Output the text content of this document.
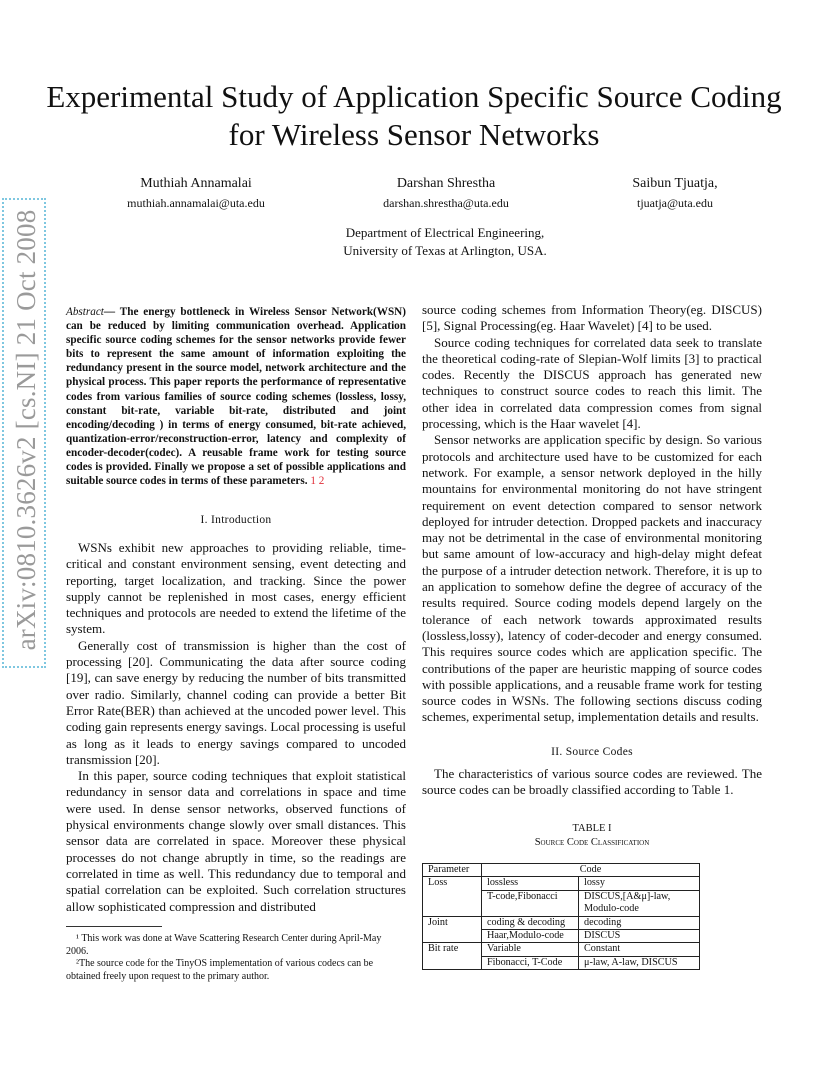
arXiv:0810.3626v2 [cs.NI] 21 Oct 2008
Experimental Study of Application Specific Source Coding for Wireless Sensor Networks
Muthiah Annamalai
muthiah.annamalai@uta.edu
Darshan Shrestha
darshan.shrestha@uta.edu
Saibun Tjuatja,
tjuatja@uta.edu
Department of Electrical Engineering,
University of Texas at Arlington, USA.
Abstract— The energy bottleneck in Wireless Sensor Network(WSN) can be reduced by limiting communication overhead. Application specific source coding schemes for the sensor networks provide fewer bits to represent the same amount of information exploiting the redundancy present in the source model, network architecture and the physical process. This paper reports the performance of representative codes from various families of source coding schemes (lossless, lossy, constant bit-rate, variable bit-rate, distributed and joint encoding/decoding ) in terms of energy consumed, bit-rate achieved, quantization-error/reconstruction-error, latency and complexity of encoder-decoder(codec). A reusable frame work for testing source codes is provided. Finally we propose a set of possible applications and suitable source codes in terms of these parameters. 1 2
I. Introduction

WSNs exhibit new approaches to providing reliable, time-critical and constant environment sensing, event detecting and reporting, target localization, and tracking. Since the power supply cannot be replenished in most cases, energy efficient techniques and protocols are needed to extend the lifetime of the system.

Generally cost of transmission is higher than the cost of processing [20]. Communicating the data after source coding [19], can save energy by reducing the number of bits transmitted over radio. Similarly, channel coding can provide a better Bit Error Rate(BER) than achieved at the uncoded power level. This coding gain represents energy savings. Local processing is useful as long as it leads to energy savings compared to uncoded transmission [20].

In this paper, source coding techniques that exploit statistical redundancy in sensor data and correlations in space and time were used. In dense sensor networks, observed functions of physical environments change slowly over small distances. This sensor data are correlated in space. Moreover these physical processes do not change abruptly in time, so the readings are correlated in time as well. This redundancy due to temporal and spatial correlation can be exploited. Such correlation structures allow sophisticated compression and distributed

¹ This work was done at Wave Scattering Research Center during April-May 2006.

²The source code for the TinyOS implementation of various codecs can be obtained freely upon request to the primary author.

source coding schemes from Information Theory(eg. DISCUS) [5], Signal Processing(eg. Haar Wavelet) [4] to be used.

Source coding techniques for correlated data seek to translate the theoretical coding-rate of Slepian-Wolf limits [3] to practical codes. Recently the DISCUS approach has generated new techniques to construct source codes to reach this limit. The other idea in correlated data compression comes from signal processing, which is the Haar wavelet [4].

Sensor networks are application specific by design. So various protocols and architecture used have to be customized for each network. For example, a sensor network deployed in the hilly mountains for environmental monitoring do not have stringent requirement on event detection compared to sensor network deployed for intruder detection. Dropped packets and inaccuracy may not be detrimental in the case of environmental monitoring but same amount of low-accuracy and high-delay might defeat the purpose of a intruder detection network. Therefore, it is up to an application to somehow define the degree of accuracy of the results required. Source coding models depend largely on the tolerance of each network towards approximated results (lossless,lossy), latency of coder-decoder and energy consumed. This requires source codes which are application specific. The contributions of the paper are heuristic mapping of source codes with possible applications, and a reusable frame work for testing source codes in WSNs. The following sections discuss coding schemes, experimental setup, implementation details and results.

II. Source Codes

The characteristics of various source codes are reviewed. The source codes can be broadly classified according to Table 1.

TABLE I
Source Code Classification
Parameter	Code	
Loss	lossless	lossy
	T-code,Fibonacci	DISCUS,[A&μ]-law,
		Modulo-code
Joint	coding & decoding	decoding
	Haar,Modulo-code	DISCUS
Bit rate	Variable	Constant
	Fibonacci, T-Code	μ-law, A-law, DISCUS
